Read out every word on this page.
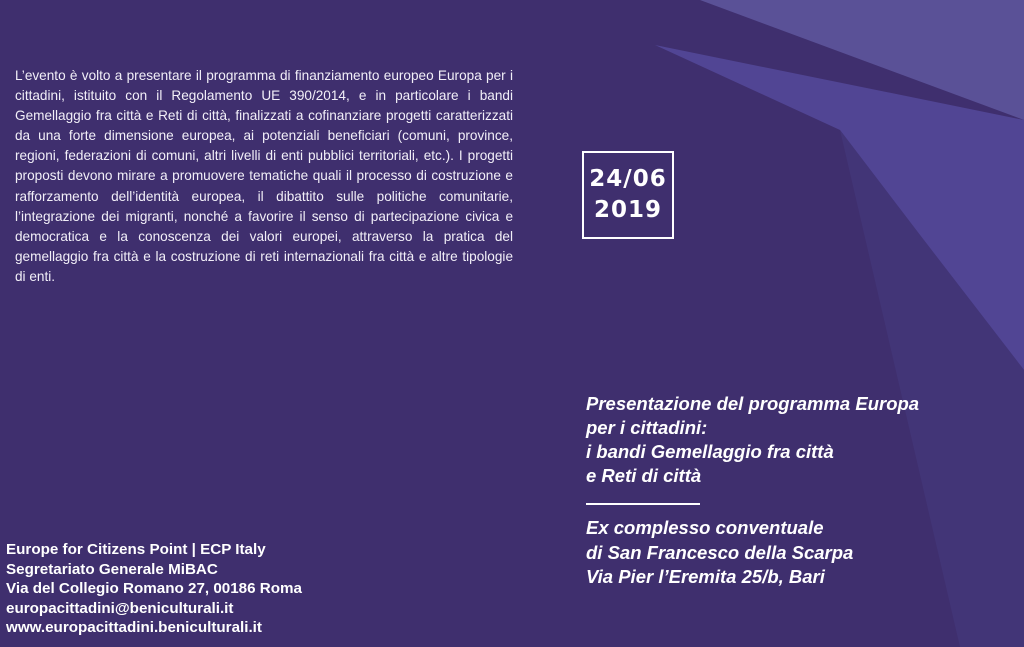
L’evento è volto a presentare il programma di finanziamento europeo Europa per i cittadini, istituito con il Regolamento UE 390/2014, e in particolare i bandi Gemellaggio fra città e Reti di città, finalizzati a cofinanziare progetti caratterizzati da una forte dimensione europea, ai potenziali beneficiari (comuni, province, regioni, federazioni di comuni, altri livelli di enti pubblici territoriali, etc.). I progetti proposti devono mirare a promuovere tematiche quali il processo di costruzione e rafforzamento dell’identità europea, il dibattito sulle politiche comunitarie, l’integrazione dei migranti, nonché a favorire il senso di partecipazione civica e democratica e la conoscenza dei valori europei, attraverso la pratica del gemellaggio fra città e la costruzione di reti internazionali fra città e altre tipologie di enti.
24/06
2019
Presentazione del programma Europa
per i cittadini:
i bandi Gemellaggio fra città
e Reti di città
Ex complesso conventuale
di San Francesco della Scarpa
Via Pier l’Eremita 25/b, Bari
Europe for Citizens Point | ECP Italy
Segretariato Generale MiBAC
Via del Collegio Romano 27, 00186 Roma
europacittadini@beniculturali.it
www.europacittadini.beniculturali.it
